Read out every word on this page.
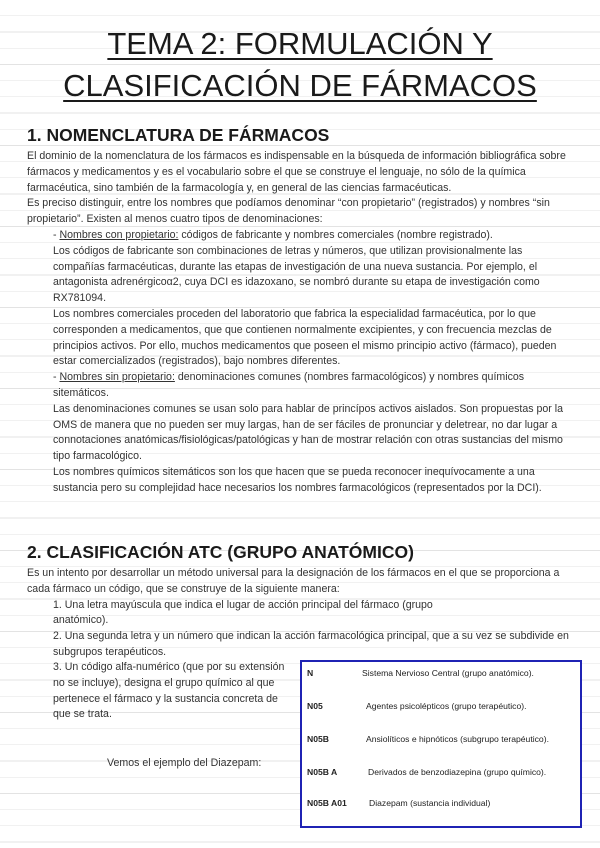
TEMA 2: FORMULACIÓN Y
CLASIFICACIÓN DE FÁRMACOS
1. NOMENCLATURA DE FÁRMACOS

El dominio de la nomenclatura de los fármacos es indispensable en la búsqueda de información bibliográfica sobre fármacos y medicamentos y es el vocabulario sobre el que se construye el lenguaje, no sólo de la química farmacéutica, sino también de la farmacología y, en general de las ciencias farmacéuticas.

Es preciso distinguir, entre los nombres que podíamos denominar “con propietario” (registrados) y nombres “sin propietario”. Existen al menos cuatro tipos de denominaciones:

- Nombres con propietario: códigos de fabricante y nombres comerciales (nombre registrado).

Los códigos de fabricante son combinaciones de letras y números, que utilizan provisionalmente las compañías farmacéuticas, durante las etapas de investigación de una nueva sustancia. Por ejemplo, el antagonista adrenérgicoα2, cuya DCI es idazoxano, se nombró durante su etapa de investigación como RX781094.

Los nombres comerciales proceden del laboratorio que fabrica la especialidad farmacéutica, por lo que corresponden a medicamentos, que que contienen normalmente excipientes, y con frecuencia mezclas de principios activos. Por ello, muchos medicamentos que poseen el mismo principio activo (fármaco), pueden estar comercializados (registrados), bajo nombres diferentes.

- Nombres sin propietario: denominaciones comunes (nombres farmacológicos) y nombres químicos sitemáticos.

Las denominaciones comunes se usan solo para hablar de princípos activos aislados. Son propuestas por la OMS de manera que no pueden ser muy largas, han de ser fáciles de pronunciar y deletrear, no dar lugar a connotaciones anatómicas/fisiológicas/patológicas y han de mostrar relación con otras sustancias del mismo tipo farmacológico.

Los nombres químicos sitemáticos son los que hacen que se pueda reconocer inequívocamente a una sustancia pero su complejidad hace necesarios los nombres farmacológicos (representados por la DCI).

2. CLASIFICACIÓN ATC (GRUPO ANATÓMICO)

Es un intento por desarrollar un método universal para la designación de los fármacos en el que se proporciona a cada fármaco un código, que se construye de la siguiente manera:

1. Una letra mayúscula que indica el lugar de acción principal del fármaco (grupo anatómico).

2. Una segunda letra y un número que indican la acción farmacológica principal, que a su vez se subdivide en subgrupos terapéuticos.

3. Un código alfa-numérico (que por su extensión no se incluye), designa el grupo químico al que pertenece el fármaco y la sustancia concreta de que se trata.

Vemos el ejemplo del Diazepam:
N	Sistema Nervioso Central (grupo anatómico).
N05	Agentes psicolépticos (grupo terapéutico).
N05B	Ansiolíticos e hipnóticos (subgrupo terapéutico).
N05B A	Derivados de benzodiazepina (grupo químico).
N05B A01	Diazepam (sustancia individual)
